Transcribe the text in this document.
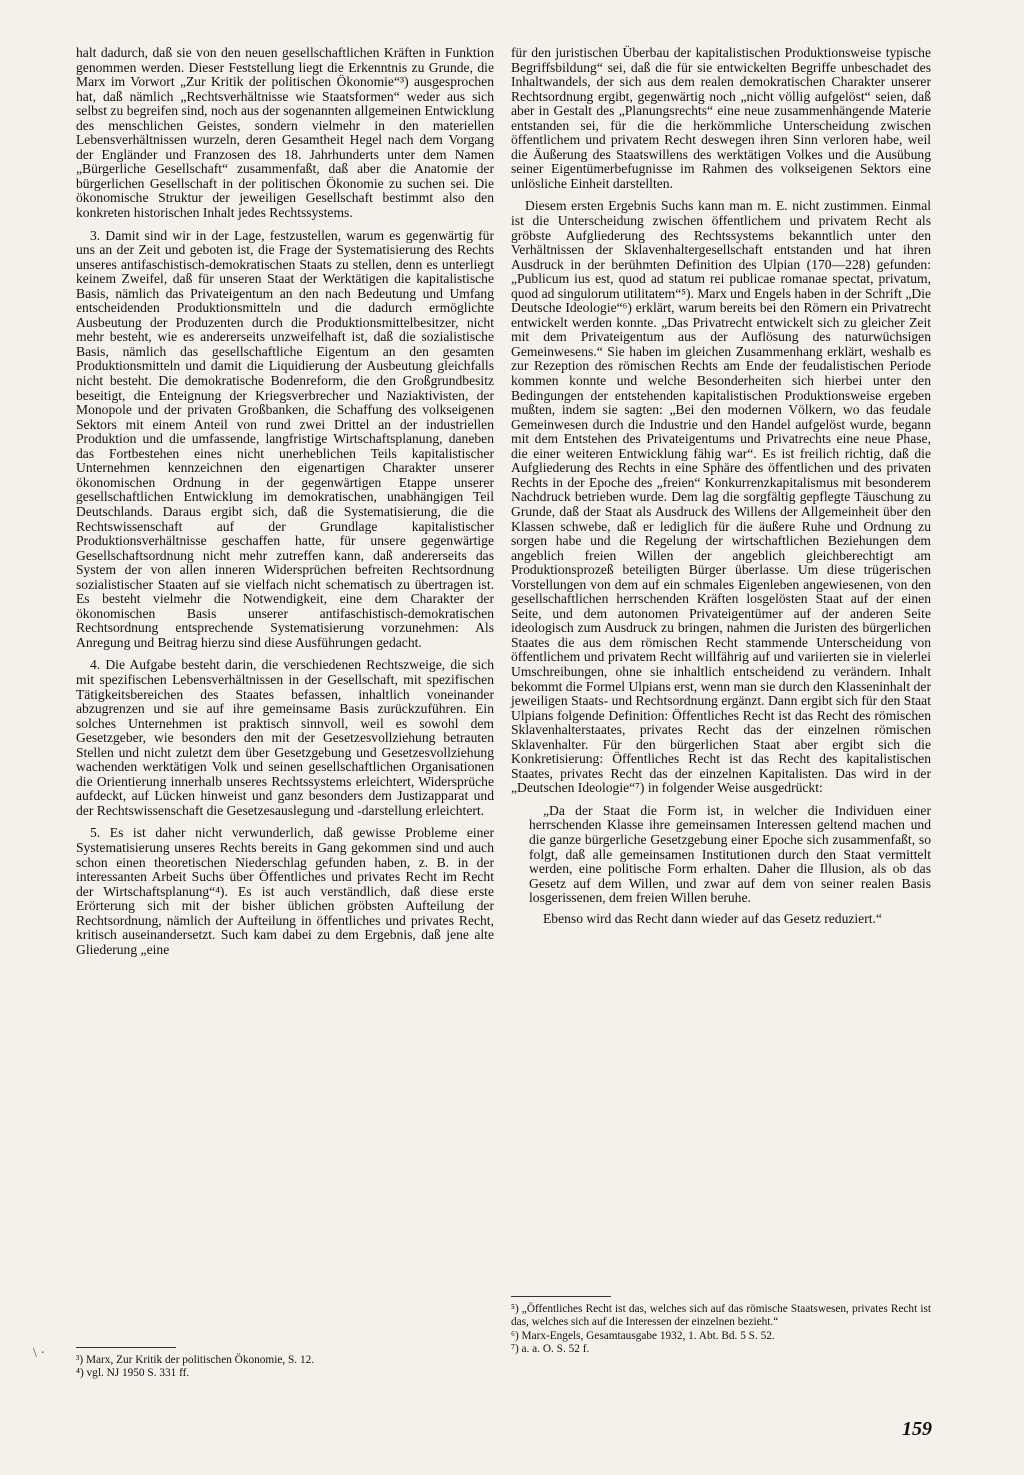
halt dadurch, daß sie von den neuen gesellschaftlichen Kräften in Funktion genommen werden. Dieser Feststellung liegt die Erkenntnis zu Grunde, die Marx im Vorwort „Zur Kritik der politischen Ökonomie“³) ausgesprochen hat, daß nämlich „Rechtsverhältnisse wie Staatsformen“ weder aus sich selbst zu begreifen sind, noch aus der sogenannten allgemeinen Entwicklung des menschlichen Geistes, sondern vielmehr in den materiellen Lebensverhältnissen wurzeln, deren Gesamtheit Hegel nach dem Vorgang der Engländer und Franzosen des 18. Jahrhunderts unter dem Namen „Bürgerliche Gesellschaft“ zusammenfaßt, daß aber die Anatomie der bürgerlichen Gesellschaft in der politischen Ökonomie zu suchen sei. Die ökonomische Struktur der jeweiligen Gesellschaft bestimmt also den konkreten historischen Inhalt jedes Rechtssystems.

3. Damit sind wir in der Lage, festzustellen, warum es gegenwärtig für uns an der Zeit und geboten ist, die Frage der Systematisierung des Rechts unseres antifaschistisch-demokratischen Staats zu stellen, denn es unterliegt keinem Zweifel, daß für unseren Staat der Werktätigen die kapitalistische Basis, nämlich das Privateigentum an den nach Bedeutung und Umfang entscheidenden Produktionsmitteln und die dadurch ermöglichte Ausbeutung der Produzenten durch die Produktionsmittelbesitzer, nicht mehr besteht, wie es andererseits unzweifelhaft ist, daß die sozialistische Basis, nämlich das gesellschaftliche Eigentum an den gesamten Produktionsmitteln und damit die Liquidierung der Ausbeutung gleichfalls nicht besteht. Die demokratische Bodenreform, die den Großgrundbesitz beseitigt, die Enteignung der Kriegsverbrecher und Naziaktivisten, der Monopole und der privaten Großbanken, die Schaffung des volkseigenen Sektors mit einem Anteil von rund zwei Drittel an der industriellen Produktion und die umfassende, langfristige Wirtschaftsplanung, daneben das Fortbestehen eines nicht unerheblichen Teils kapitalistischer Unternehmen kennzeichnen den eigenartigen Charakter unserer ökonomischen Ordnung in der gegenwärtigen Etappe unserer gesellschaftlichen Entwicklung im demokratischen, unabhängigen Teil Deutschlands. Daraus ergibt sich, daß die Systematisierung, die die Rechtswissenschaft auf der Grundlage kapitalistischer Produktionsverhältnisse geschaffen hatte, für unsere gegenwärtige Gesellschaftsordnung nicht mehr zutreffen kann, daß andererseits das System der von allen inneren Widersprüchen befreiten Rechtsordnung sozialistischer Staaten auf sie vielfach nicht schematisch zu übertragen ist. Es besteht vielmehr die Notwendigkeit, eine dem Charakter der ökonomischen Basis unserer antifaschistisch-demokratischen Rechtsordnung entsprechende Systematisierung vorzunehmen: Als Anregung und Beitrag hierzu sind diese Ausführungen gedacht.

4. Die Aufgabe besteht darin, die verschiedenen Rechtszweige, die sich mit spezifischen Lebensverhältnissen in der Gesellschaft, mit spezifischen Tätigkeitsbereichen des Staates befassen, inhaltlich voneinander abzugrenzen und sie auf ihre gemeinsame Basis zurückzuführen. Ein solches Unternehmen ist praktisch sinnvoll, weil es sowohl dem Gesetzgeber, wie besonders den mit der Gesetzesvollziehung betrauten Stellen und nicht zuletzt dem über Gesetzgebung und Gesetzesvollziehung wachenden werktätigen Volk und seinen gesellschaftlichen Organisationen die Orientierung innerhalb unseres Rechtssystems erleichtert, Widersprüche aufdeckt, auf Lücken hinweist und ganz besonders dem Justizapparat und der Rechtswissenschaft die Gesetzesauslegung und -darstellung erleichtert.

5. Es ist daher nicht verwunderlich, daß gewisse Probleme einer Systematisierung unseres Rechts bereits in Gang gekommen sind und auch schon einen theoretischen Niederschlag gefunden haben, z. B. in der interessanten Arbeit Suchs über Öffentliches und privates Recht im Recht der Wirtschaftsplanung“⁴). Es ist auch verständlich, daß diese erste Erörterung sich mit der bisher üblichen gröbsten Aufteilung der Rechtsordnung, nämlich der Aufteilung in öffentliches und privates Recht, kritisch auseinandersetzt. Such kam dabei zu dem Ergebnis, daß jene alte Gliederung „eine

für den juristischen Überbau der kapitalistischen Produktionsweise typische Begriffsbildung“ sei, daß die für sie entwickelten Begriffe unbeschadet des Inhaltwandels, der sich aus dem realen demokratischen Charakter unserer Rechtsordnung ergibt, gegenwärtig noch „nicht völlig aufgelöst“ seien, daß aber in Gestalt des „Planungsrechts“ eine neue zusammenhängende Materie entstanden sei, für die die herkömmliche Unterscheidung zwischen öffentlichem und privatem Recht deswegen ihren Sinn verloren habe, weil die Äußerung des Staatswillens des werktätigen Volkes und die Ausübung seiner Eigentümerbefugnisse im Rahmen des volkseigenen Sektors eine unlösliche Einheit darstellten.

Diesem ersten Ergebnis Suchs kann man m. E. nicht zustimmen. Einmal ist die Unterscheidung zwischen öffentlichem und privatem Recht als gröbste Aufgliederung des Rechtssystems bekanntlich unter den Verhältnissen der Sklavenhaltergesellschaft entstanden und hat ihren Ausdruck in der berühmten Definition des Ulpian (170—228) gefunden: „Publicum ius est, quod ad statum rei publicae romanae spectat, privatum, quod ad singulorum utilitatem“⁵). Marx und Engels haben in der Schrift „Die Deutsche Ideologie“⁶) erklärt, warum bereits bei den Römern ein Privatrecht entwickelt werden konnte. „Das Privatrecht entwickelt sich zu gleicher Zeit mit dem Privateigentum aus der Auflösung des naturwüchsigen Gemeinwesens.“ Sie haben im gleichen Zusammenhang erklärt, weshalb es zur Rezeption des römischen Rechts am Ende der feudalistischen Periode kommen konnte und welche Besonderheiten sich hierbei unter den Bedingungen der entstehenden kapitalistischen Produktionsweise ergeben mußten, indem sie sagten: „Bei den modernen Völkern, wo das feudale Gemeinwesen durch die Industrie und den Handel aufgelöst wurde, begann mit dem Entstehen des Privateigentums und Privatrechts eine neue Phase, die einer weiteren Entwicklung fähig war“. Es ist freilich richtig, daß die Aufgliederung des Rechts in eine Sphäre des öffentlichen und des privaten Rechts in der Epoche des „freien“ Konkurrenzkapitalismus mit besonderem Nachdruck betrieben wurde. Dem lag die sorgfältig gepflegte Täuschung zu Grunde, daß der Staat als Ausdruck des Willens der Allgemeinheit über den Klassen schwebe, daß er lediglich für die äußere Ruhe und Ordnung zu sorgen habe und die Regelung der wirtschaftlichen Beziehungen dem angeblich freien Willen der angeblich gleichberechtigt am Produktionsprozeß beteiligten Bürger überlasse. Um diese trügerischen Vorstellungen von dem auf ein schmales Eigenleben angewiesenen, von den gesellschaftlichen herrschenden Kräften losgelösten Staat auf der einen Seite, und dem autonomen Privateigentümer auf der anderen Seite ideologisch zum Ausdruck zu bringen, nahmen die Juristen des bürgerlichen Staates die aus dem römischen Recht stammende Unterscheidung von öffentlichem und privatem Recht willfährig auf und variierten sie in vielerlei Umschreibungen, ohne sie inhaltlich entscheidend zu verändern. Inhalt bekommt die Formel Ulpians erst, wenn man sie durch den Klasseninhalt der jeweiligen Staats- und Rechtsordnung ergänzt. Dann ergibt sich für den Staat Ulpians folgende Definition: Öffentliches Recht ist das Recht des römischen Sklavenhalterstaates, privates Recht das der einzelnen römischen Sklavenhalter. Für den bürgerlichen Staat aber ergibt sich die Konkretisierung: Öffentliches Recht ist das Recht des kapitalistischen Staates, privates Recht das der einzelnen Kapitalisten. Das wird in der „Deutschen Ideologie“⁷) in folgender Weise ausgedrückt:

„Da der Staat die Form ist, in welcher die Individuen einer herrschenden Klasse ihre gemeinsamen Interessen geltend machen und die ganze bürgerliche Gesetzgebung einer Epoche sich zusammenfaßt, so folgt, daß alle gemeinsamen Institutionen durch den Staat vermittelt werden, eine politische Form erhalten. Daher die Illusion, als ob das Gesetz auf dem Willen, und zwar auf dem von seiner realen Basis losgerissenen, dem freien Willen beruhe.

Ebenso wird das Recht dann wieder auf das Gesetz reduziert.“

³) Marx, Zur Kritik der politischen Ökonomie, S. 12.
⁴) vgl. NJ 1950 S. 331 ff.
⁵) „Öffentliches Recht ist das, welches sich auf das römische Staatswesen, privates Recht ist das, welches sich auf die Interessen der einzelnen bezieht.“
⁶) Marx-Engels, Gesamtausgabe 1932, 1. Abt. Bd. 5 S. 52.
⁷) a. a. O. S. 52 f.
\ ·
159
